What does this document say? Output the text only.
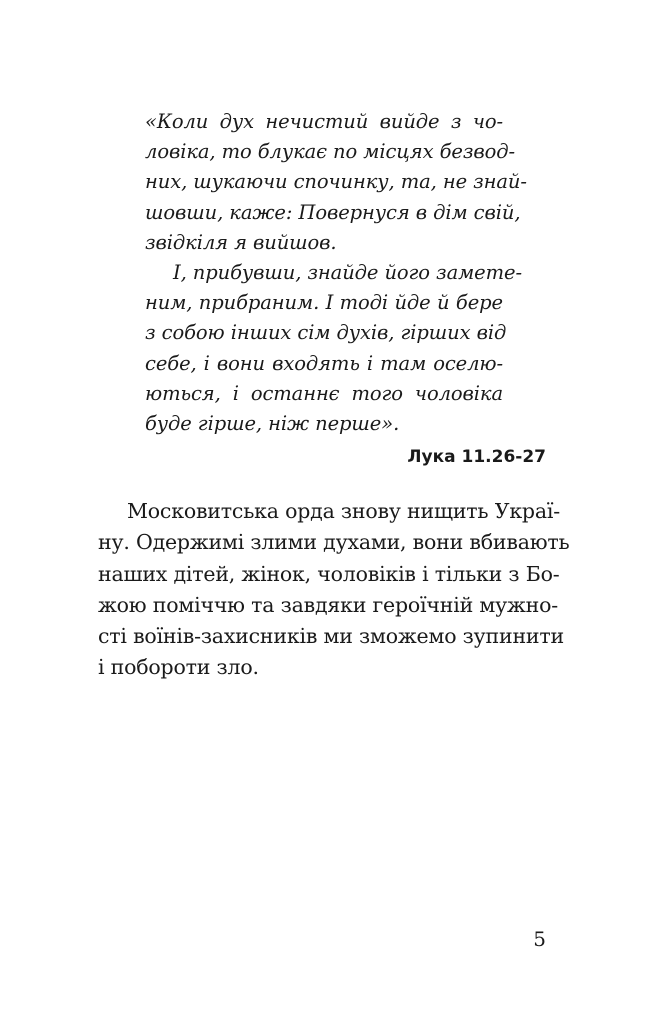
«Коли дух нечистий вийде з чо-
ловіка, то блукає по місцях безвод-
них, шукаючи спочинку, та, не знай-
шовши, каже: Повернуся в дім свій,
звідкіля я вийшов.
І, прибувши, знайде його замете-
ним, прибраним. І тоді йде й бере
з собою інших сім духів, гірших від
себе, і вони входять і там оселю-
ються, і останнє того чоловіка
буде гірше, ніж перше».
Лука 11.26-27
Московитська орда знову нищить Украї-
ну. Одержимі злими духами, вони вбивають
наших дітей, жінок, чоловіків і тільки з Бо-
жою поміччю та завдяки героїчній мужно-
сті воїнів-захисників ми зможемо зупинити
і побороти зло.
5
